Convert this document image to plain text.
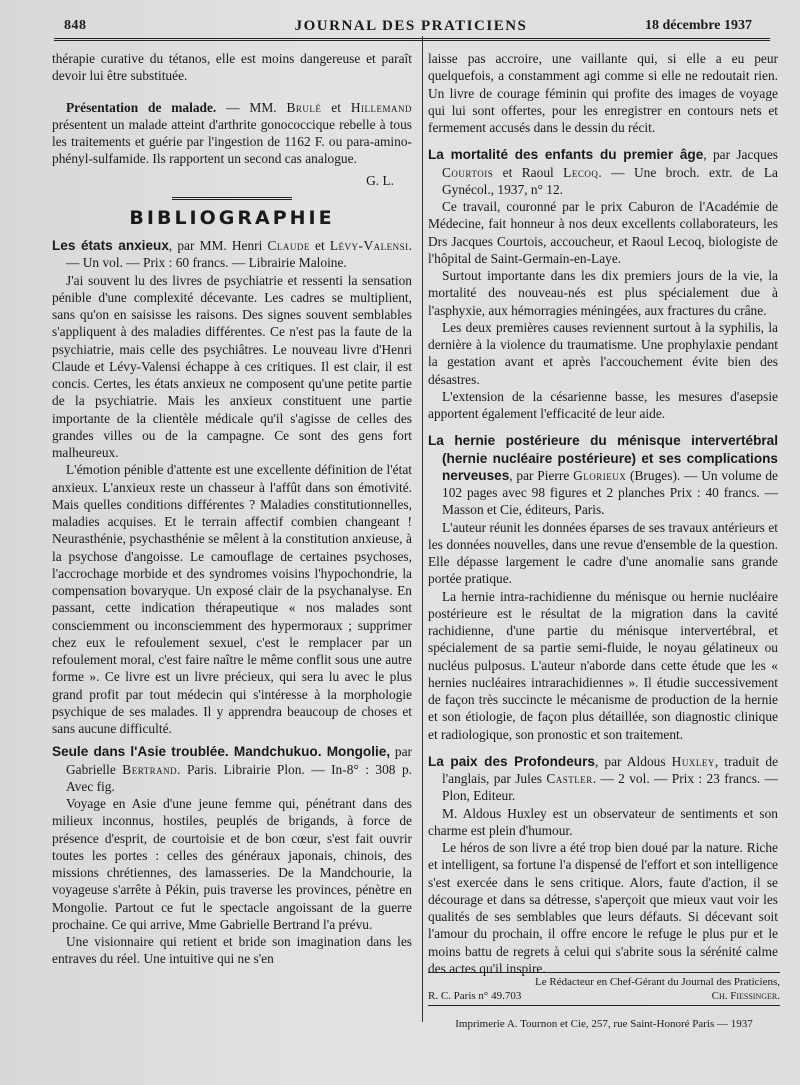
848	JOURNAL DES PRATICIENS	18 décembre 1937

thérapie curative du tétanos, elle est moins dangereuse et paraît devoir lui être substituée.

Présentation de malade. — MM. Brulé et Hillemand présentent un malade atteint d'arthrite gonococcique rebelle à tous les traitements et guérie par l'ingestion de 1162 F. ou para-amino-phényl-sulfamide. Ils rapportent un second cas analogue.

G. L.

BIBLIOGRAPHIE

Les états anxieux, par MM. Henri Claude et Lévy-Valensi. — Un vol. — Prix : 60 francs. — Librairie Maloine.

J'ai souvent lu des livres de psychiatrie et ressenti la sensation pénible d'une complexité décevante. Les cadres se multiplient, sans qu'on en saisisse les raisons. Des signes souvent semblables s'appliquent à des maladies différentes. Ce n'est pas la faute de la psychiatrie, mais celle des psychiâtres. Le nouveau livre d'Henri Claude et Lévy-Valensi échappe à ces critiques. Il est clair, il est concis. Certes, les états anxieux ne composent qu'une petite partie de la psychiatrie. Mais les anxieux constituent une partie importante de la clientèle médicale qu'il s'agisse de celles des grandes villes ou de la campagne. Ce sont des gens fort malheureux.

L'émotion pénible d'attente est une excellente définition de l'état anxieux. L'anxieux reste un chasseur à l'affût dans son émotivité. Mais quelles conditions différentes ? Maladies constitutionnelles, maladies acquises. Et le terrain affectif combien changeant ! Neurasthénie, psychasthénie se mêlent à la constitution anxieuse, à la psychose d'angoisse. Le camouflage de certaines psychoses, l'accrochage morbide et des syndromes voisins l'hypochondrie, la compensation bovaryque. Un exposé clair de la psychanalyse. En passant, cette indication thérapeutique « nos malades sont consciemment ou inconsciemment des hypermoraux ; supprimer chez eux le refoulement sexuel, c'est le remplacer par un refoulement moral, c'est faire naître le même conflit sous une autre forme ». Ce livre est un livre précieux, qui sera lu avec le plus grand profit par tout médecin qui s'intéresse à la morphologie psychique de ses malades. Il y apprendra beaucoup de choses et sans aucune difficulté.

Seule dans l'Asie troublée. Mandchukuo. Mongolie, par Gabrielle Bertrand. Paris. Librairie Plon. — In-8° : 308 p. Avec fig.

Voyage en Asie d'une jeune femme qui, pénétrant dans des milieux inconnus, hostiles, peuplés de brigands, à force de présence d'esprit, de courtoisie et de bon cœur, s'est fait ouvrir toutes les portes : celles des généraux japonais, chinois, des missions chrétiennes, des lamasseries. De la Mandchourie, la voyageuse s'arrête à Pékin, puis traverse les provinces, pénètre en Mongolie. Partout ce fut le spectacle angoissant de la guerre prochaine. Ce qui arrive, Mme Gabrielle Bertrand l'a prévu.

Une visionnaire qui retient et bride son imagination dans les entraves du réel. Une intuitive qui ne s'en

laisse pas accroire, une vaillante qui, si elle a eu peur quelquefois, a constamment agi comme si elle ne redoutait rien. Un livre de courage féminin qui profite des images de voyage qui lui sont offertes, pour les enregistrer en contours nets et fermement accusés dans le dessin du récit.

La mortalité des enfants du premier âge, par Jacques Courtois et Raoul Lecoq. — Une broch. extr. de La Gynécol., 1937, n° 12.

Ce travail, couronné par le prix Caburon de l'Académie de Médecine, fait honneur à nos deux excellents collaborateurs, les Drs Jacques Courtois, accoucheur, et Raoul Lecoq, biologiste de l'hôpital de Saint-Germain-en-Laye.

Surtout importante dans les dix premiers jours de la vie, la mortalité des nouveau-nés est plus spécialement due à l'asphyxie, aux hémorragies méningées, aux fractures du crâne.

Les deux premières causes reviennent surtout à la syphilis, la dernière à la violence du traumatisme. Une prophylaxie pendant la gestation avant et après l'accouchement évite bien des désastres.

L'extension de la césarienne basse, les mesures d'asepsie apportent également l'efficacité de leur aide.

La hernie postérieure du ménisque intervertébral (hernie nucléaire postérieure) et ses complications nerveuses, par Pierre Glorieux (Bruges). — Un volume de 102 pages avec 98 figures et 2 planches Prix : 40 francs. — Masson et Cie, éditeurs, Paris.

L'auteur réunit les données éparses de ses travaux antérieurs et les données nouvelles, dans une revue d'ensemble de la question. Elle dépasse largement le cadre d'une anomalie sans grande portée pratique.

La hernie intra-rachidienne du ménisque ou hernie nucléaire postérieure est le résultat de la migration dans la cavité rachidienne, d'une partie du ménisque intervertébral, et spécialement de sa partie semi-fluide, le noyau gélatineux ou nucléus pulposus. L'auteur n'aborde dans cette étude que les « hernies nucléaires intrarachidiennes ». Il étudie successivement de façon très succincte le mécanisme de production de la hernie et son étiologie, de façon plus détaillée, son diagnostic clinique et radiologique, son pronostic et son traitement.

La paix des Profondeurs, par Aldous Huxley, traduit de l'anglais, par Jules Castler. — 2 vol. — Prix : 23 francs. — Plon, Editeur.

M. Aldous Huxley est un observateur de sentiments et son charme est plein d'humour.

Le héros de son livre a été trop bien doué par la nature. Riche et intelligent, sa fortune l'a dispensé de l'effort et son intelligence s'est exercée dans le sens critique. Alors, faute d'action, il se décourage et dans sa détresse, s'aperçoit que mieux vaut voir les qualités de ses semblables que leurs défauts. Si décevant soit l'amour du prochain, il offre encore le refuge le plus pur et le moins battu de regrets à celui qui s'abrite sous la sérénité calme des actes qu'il inspire.

Le Rédacteur en Chef-Gérant du Journal des Praticiens,
R. C. Paris n° 49.703	Ch. Fiessinger.
Imprimerie A. Tournon et Cie, 257, rue Saint-Honoré Paris — 1937
